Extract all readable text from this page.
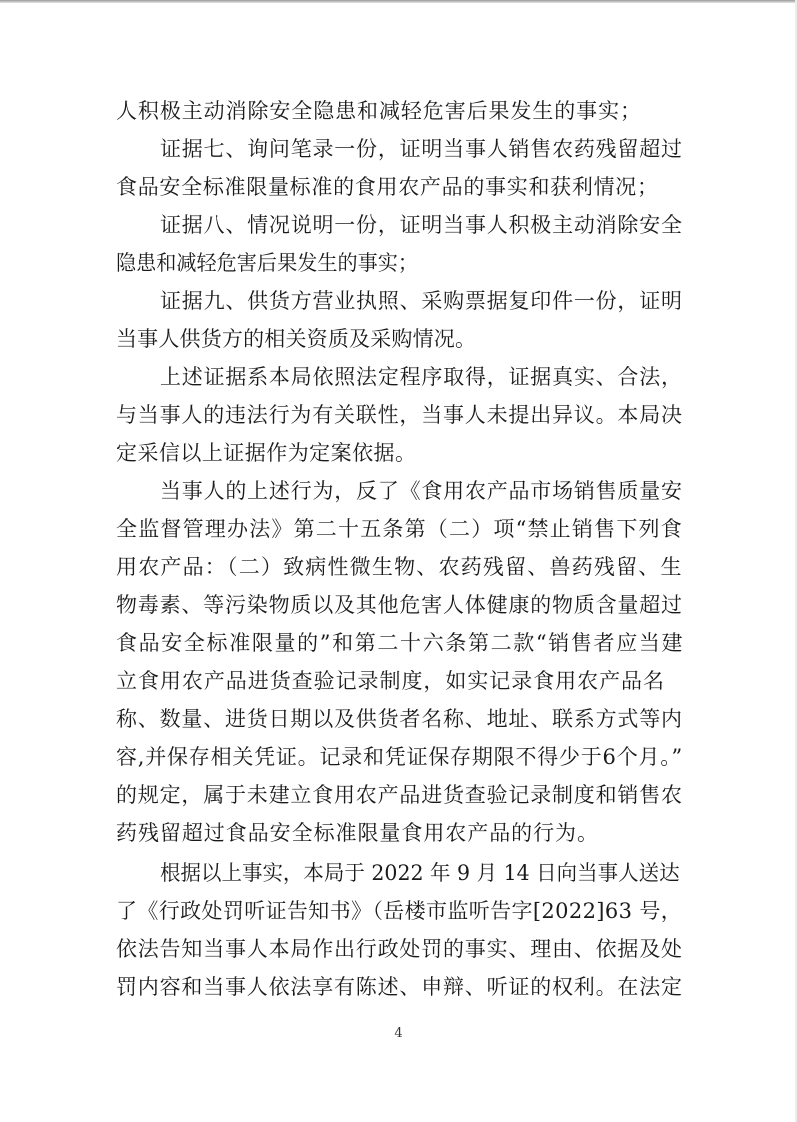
人积极主动消除安全隐患和减轻危害后果发生的事实；
证据七、询问笔录一份，证明当事人销售农药残留超过
食品安全标准限量标准的食用农产品的事实和获利情况；
证据八、情况说明一份，证明当事人积极主动消除安全
隐患和减轻危害后果发生的事实；
证据九、供货方营业执照、采购票据复印件一份，证明
当事人供货方的相关资质及采购情况。
上述证据系本局依照法定程序取得，证据真实、合法，
与当事人的违法行为有关联性，当事人未提出异议。本局决
定采信以上证据作为定案依据。
当事人的上述行为，反了《食用农产品市场销售质量安
全监督管理办法》第二十五条第（二）项“禁止销售下列食
用农产品：（二）致病性微生物、农药残留、兽药残留、生
物毒素、等污染物质以及其他危害人体健康的物质含量超过
食品安全标准限量的”和第二十六条第二款“销售者应当建
立食用农产品进货查验记录制度，如实记录食用农产品名
称、数量、进货日期以及供货者名称、地址、联系方式等内
容,并保存相关凭证。记录和凭证保存期限不得少于6个月。”
的规定，属于未建立食用农产品进货查验记录制度和销售农
药残留超过食品安全标准限量食用农产品的行为。
根据以上事实，本局于 2022 年 9 月 14 日向当事人送达
了《行政处罚听证告知书》（岳楼市监听告字[2022]63 号，
依法告知当事人本局作出行政处罚的事实、理由、依据及处
罚内容和当事人依法享有陈述、申辩、听证的权利。在法定
4
